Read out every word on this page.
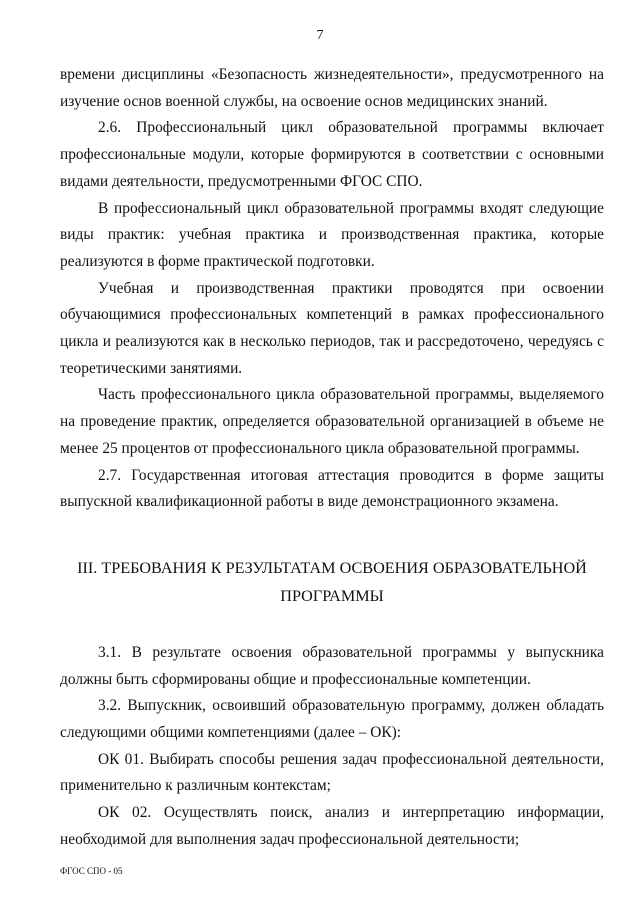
7

времени дисциплины «Безопасность жизнедеятельности», предусмотренного на изучение основ военной службы, на освоение основ медицинских знаний.

2.6. Профессиональный цикл образовательной программы включает профессиональные модули, которые формируются в соответствии с основными видами деятельности, предусмотренными ФГОС СПО.

В профессиональный цикл образовательной программы входят следующие виды практик: учебная практика и производственная практика, которые реализуются в форме практической подготовки.

Учебная и производственная практики проводятся при освоении обучающимися профессиональных компетенций в рамках профессионального цикла и реализуются как в несколько периодов, так и рассредоточено, чередуясь с теоретическими занятиями.

Часть профессионального цикла образовательной программы, выделяемого на проведение практик, определяется образовательной организацией в объеме не менее 25 процентов от профессионального цикла образовательной программы.

2.7. Государственная итоговая аттестация проводится в форме защиты выпускной квалификационной работы в виде демонстрационного экзамена.

III. ТРЕБОВАНИЯ К РЕЗУЛЬТАТАМ ОСВОЕНИЯ ОБРАЗОВАТЕЛЬНОЙ ПРОГРАММЫ

3.1. В результате освоения образовательной программы у выпускника должны быть сформированы общие и профессиональные компетенции.

3.2. Выпускник, освоивший образовательную программу, должен обладать следующими общими компетенциями (далее – ОК):

ОК 01. Выбирать способы решения задач профессиональной деятельности, применительно к различным контекстам;

ОК 02. Осуществлять поиск, анализ и интерпретацию информации, необходимой для выполнения задач профессиональной деятельности;

ФГОС СПО - 05
